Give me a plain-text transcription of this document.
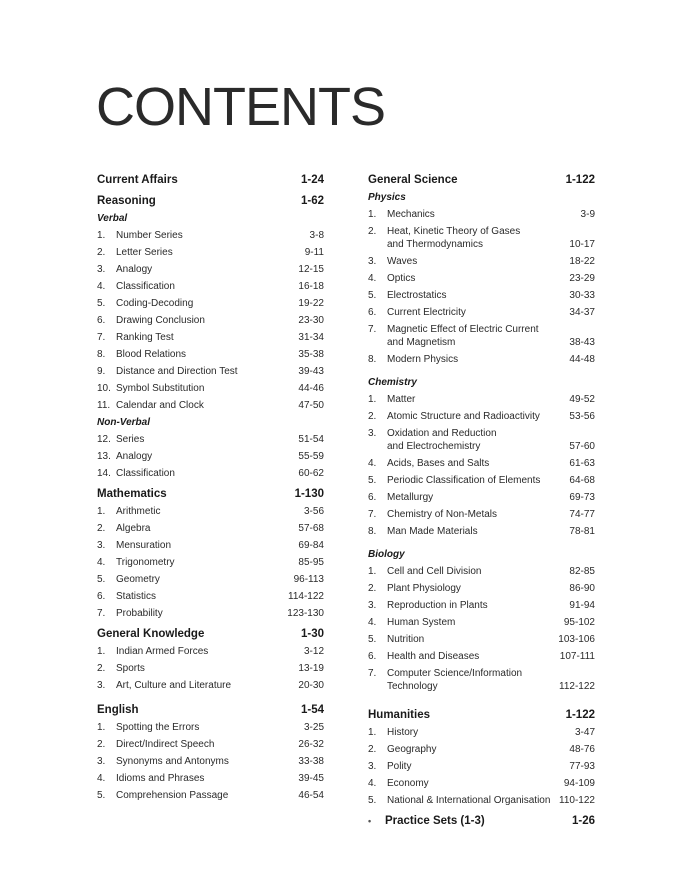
CONTENTS
Current Affairs	1-24
Reasoning	1-62
Verbal
1.	Number Series	3-8
2.	Letter Series	9-11
3.	Analogy	12-15
4.	Classification	16-18
5.	Coding-Decoding	19-22
6.	Drawing Conclusion	23-30
7.	Ranking Test	31-34
8.	Blood Relations	35-38
9.	Distance and Direction Test	39-43
10. Symbol Substitution	44-46
11. Calendar and Clock	47-50
Non-Verbal
12. Series	51-54
13. Analogy	55-59
14. Classification	60-62
Mathematics	1-130
1.	Arithmetic	3-56
2.	Algebra	57-68
3.	Mensuration	69-84
4.	Trigonometry	85-95
5.	Geometry	96-113
6.	Statistics	114-122
7.	Probability	123-130
General Knowledge	1-30
1.	Indian Armed Forces	3-12
2.	Sports	13-19
3.	Art, Culture and Literature	20-30
English	1-54
1.	Spotting the Errors	3-25
2.	Direct/Indirect Speech	26-32
3.	Synonyms and Antonyms	33-38
4.	Idioms and Phrases	39-45
5.	Comprehension Passage	46-54
General Science	1-122
Physics
1.	Mechanics	3-9
2.	Heat, Kinetic Theory of Gases
and Thermodynamics	10-17
3.	Waves	18-22
4.	Optics	23-29
5.	Electrostatics	30-33
6.	Current Electricity	34-37
7.	Magnetic Effect of Electric Current
and Magnetism	38-43
8.	Modern Physics	44-48
Chemistry
1.	Matter	49-52
2.	Atomic Structure and Radioactivity	53-56
3.	Oxidation and Reduction
and Electrochemistry	57-60
4.	Acids, Bases and Salts	61-63
5.	Periodic Classification of Elements	64-68
6.	Metallurgy	69-73
7.	Chemistry of Non-Metals	74-77
8.	Man Made Materials	78-81
Biology
1.	Cell and Cell Division	82-85
2.	Plant Physiology	86-90
3.	Reproduction in Plants	91-94
4.	Human System	95-102
5.	Nutrition	103-106
6.	Health and Diseases	107-111
7.	Computer Science/Information
Technology	112-122
Humanities	1-122
1.	History	3-47
2.	Geography	48-76
3.	Polity	77-93
4.	Economy	94-109
5.	National & International Organisation 110-122
• Practice Sets (1-3)	1-26
